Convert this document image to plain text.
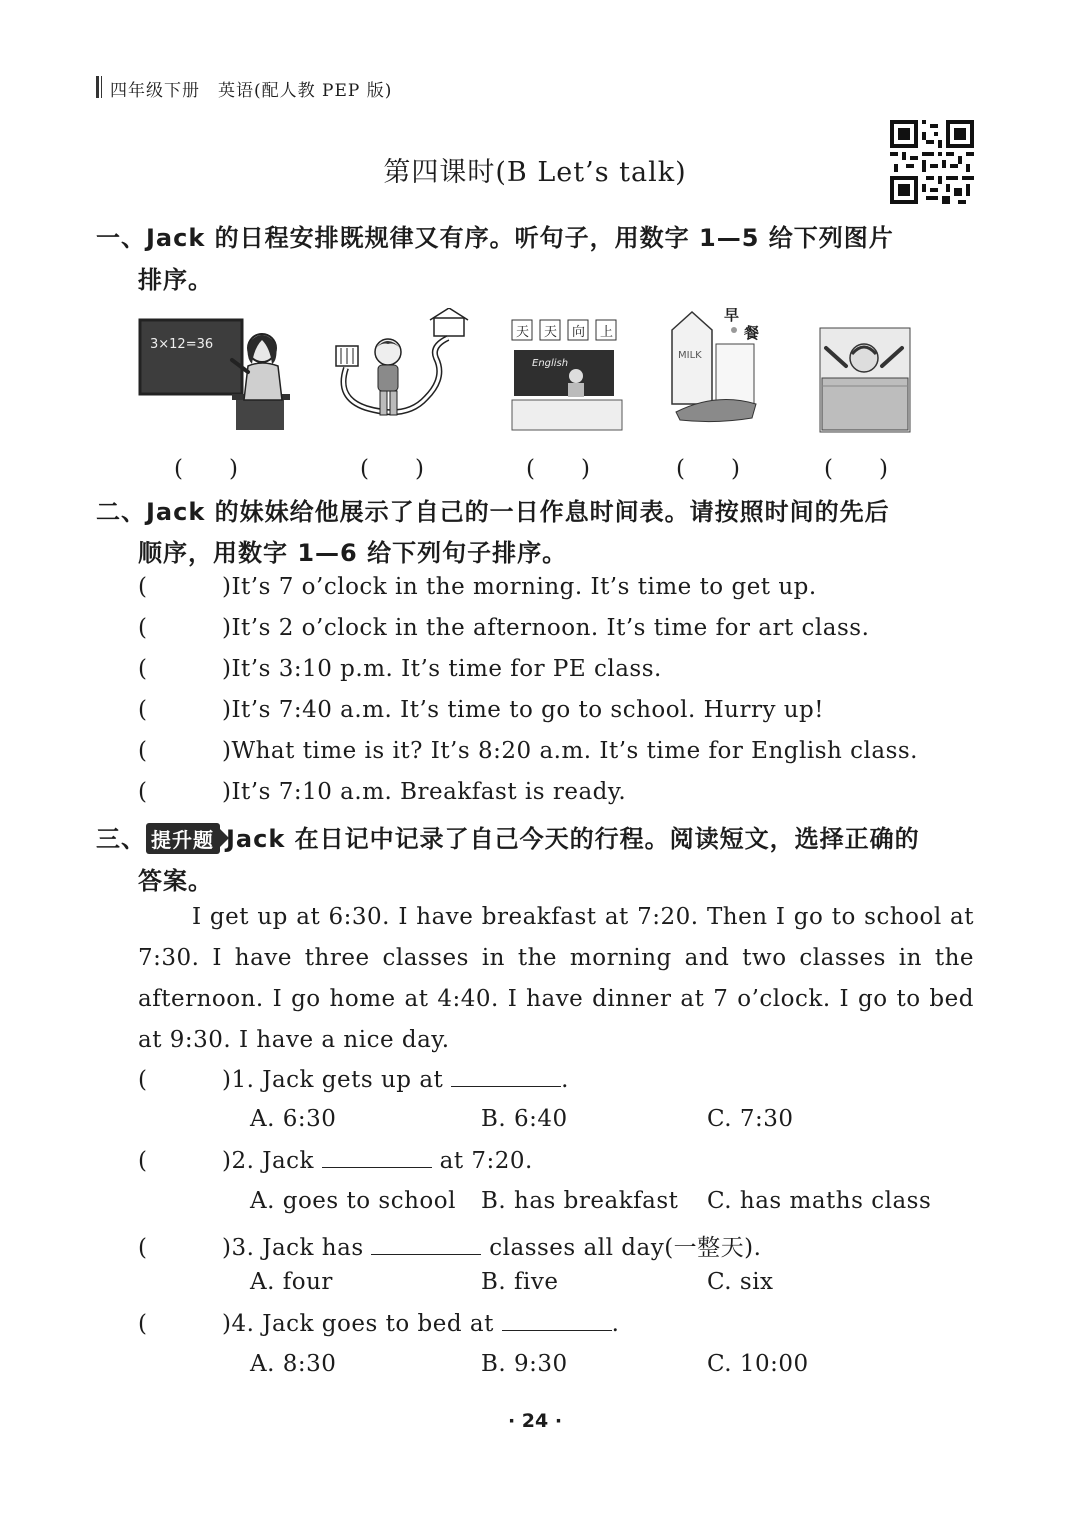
四年级下册　英语(配人教 PEP 版)
第四课时(B Let’s talk)
一、Jack 的日程安排既规律又有序。听句子，用数字 1—5 给下列图片
排序。
3×12=36
天 天 向 上
English
早
餐
MILK
(　　)	(　　)	(　　)	(　　)	(　　)
二、Jack 的妹妹给他展示了自己的一日作息时间表。请按照时间的先后
顺序，用数字 1—6 给下列句子排序。
(	)It’s 7 o’clock in the morning. It’s time to get up.
(	)It’s 2 o’clock in the afternoon. It’s time for art class.
(	)It’s 3:10 p.m. It’s time for PE class.
(	)It’s 7:40 a.m. It’s time to go to school. Hurry up!
(	)What time is it? It’s 8:20 a.m. It’s time for English class.
(	)It’s 7:10 a.m. Breakfast is ready.
三、 提升题 Jack 在日记中记录了自己今天的行程。阅读短文，选择正确的
答案。
I get up at 6:30. I have breakfast at 7:20. Then I go to school at 7:30. I have three classes in the morning and two classes in the afternoon. I go home at 4:40. I have dinner at 7 o’clock. I go to bed at 9:30. I have a nice day.
(	)1. Jack gets up at	.
A. 6:30	B. 6:40	C. 7:30
(	)2. Jack	at 7:20.
A. goes to school B. has breakfast C. has maths class
(	)3. Jack has	classes all day(一整天).
A. four	B. five	C. six
(	)4. Jack goes to bed at	.
A. 8:30	B. 9:30	C. 10:00
· 24 ·
